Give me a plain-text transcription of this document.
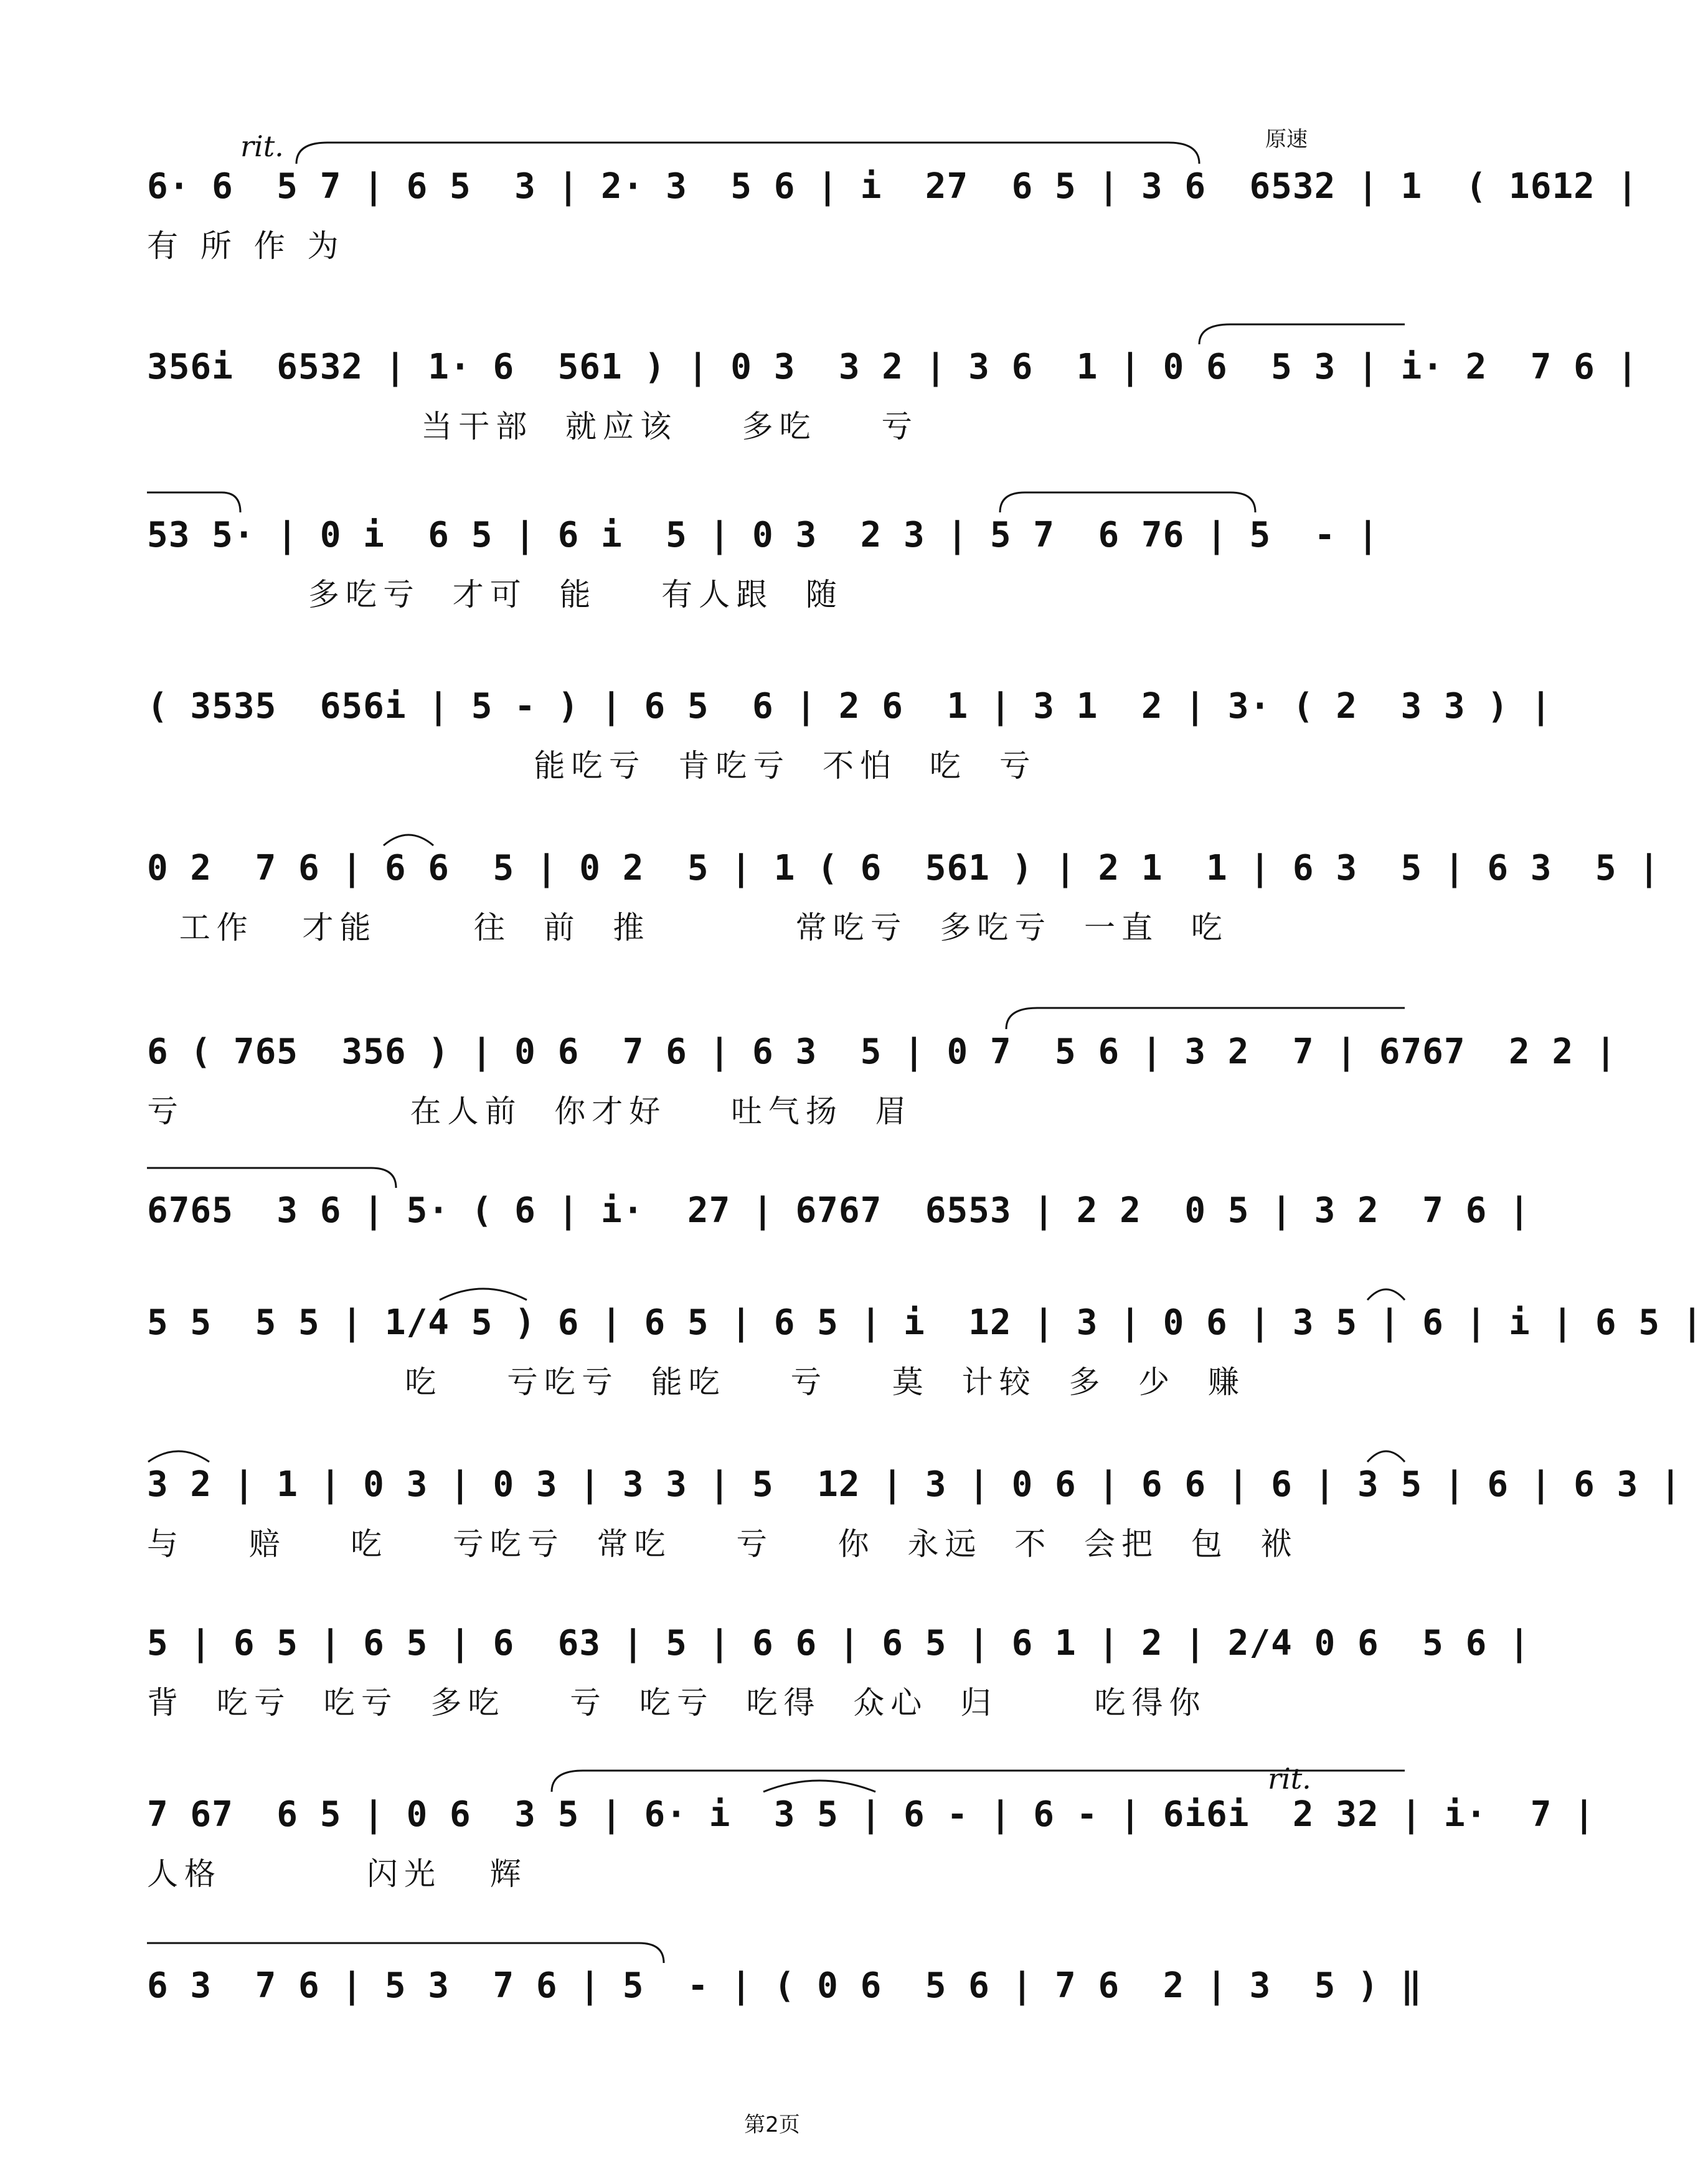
原速
rit.
rit.
6· 6  5 7 | 6 5  3 | 2· 3  5 6 | i  27  6 5 | 3 6  6532 | 1  ( 1612 |
有 所 作 为
356i  6532 | 1· 6  561 ) | 0 3  3 2 | 3 6  1 | 0 6  5 3 | i· 2  7 6 |
当干部  就应该    多吃    亏
53 5· | 0 i  6 5 | 6 i  5 | 0 3  2 3 | 5 7  6 76 | 5  - |
多吃亏  才可  能    有人跟  随
( 3535  656i | 5 - ) | 6 5  6 | 2 6  1 | 3 1  2 | 3· ( 2  3 3 ) |
能吃亏  肯吃亏  不怕  吃  亏
0 2  7 6 | 6 6  5 | 0 2  5 | 1 ( 6  561 ) | 2 1  1 | 6 3  5 | 6 3  5 |
工作   才能      往  前  推         常吃亏  多吃亏  一直  吃
6 ( 765  356 ) | 0 6  7 6 | 6 3  5 | 0 7  5 6 | 3 2  7 | 6767  2 2 |
亏              在人前  你才好    吐气扬  眉
6765  3 6 | 5· ( 6 | i·  27 | 6767  6553 | 2 2  0 5 | 3 2  7 6 |
5 5  5 5 | 1/4 5 ) 6 | 6 5 | 6 5 | i  12 | 3 | 0 6 | 3 5 | 6 | i | 6 5 |
吃    亏吃亏  能吃    亏    莫  计较  多  少  赚
3 2 | 1 | 0 3 | 0 3 | 3 3 | 5  12 | 3 | 0 6 | 6 6 | 6 | 3 5 | 6 | 6 3 |
与    赔    吃    亏吃亏  常吃    亏    你  永远  不  会把  包  袱
5 | 6 5 | 6 5 | 6  63 | 5 | 6 6 | 6 5 | 6 1 | 2 | 2/4 0 6  5 6 |
背  吃亏  吃亏  多吃    亏  吃亏  吃得  众心  归      吃得你
7 67  6 5 | 0 6  3 5 | 6· i  3 5 | 6 - | 6 - | 6i6i  2 32 | i·  7 |
人格         闪光   辉
6 3  7 6 | 5 3  7 6 | 5  - | ( 0 6  5 6 | 7 6  2 | 3  5 ) ‖
第2页
